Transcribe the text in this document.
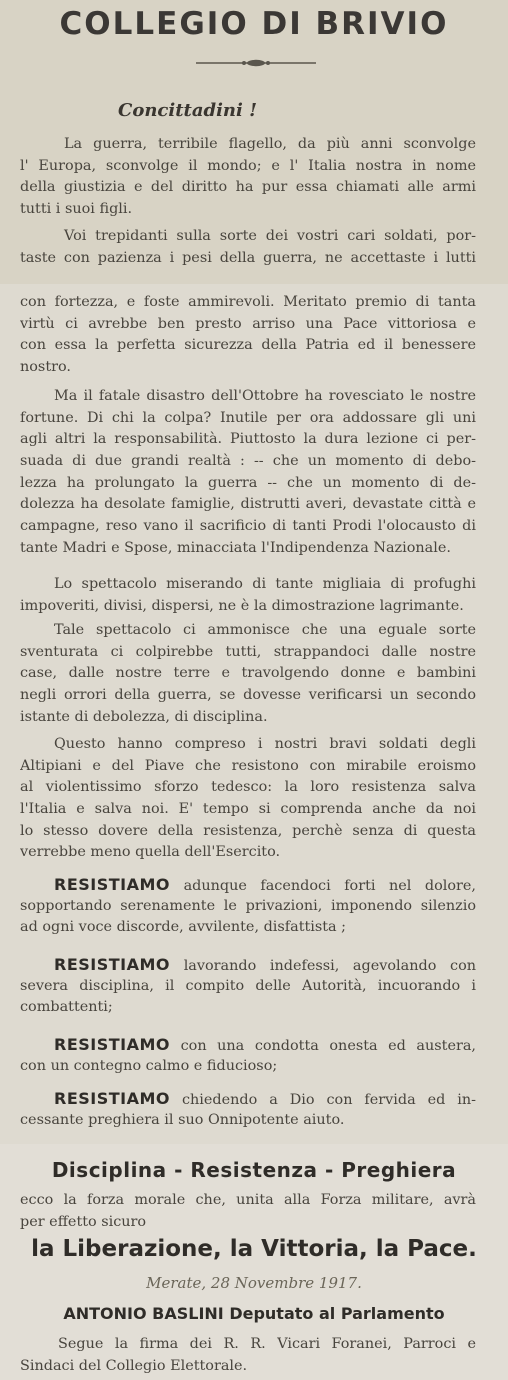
COLLEGIO DI BRIVIO
Concittadini !
La guerra, terribile flagello, da più anni sconvolge
l' Europa, sconvolge il mondo; e l' Italia nostra in nome
della giustizia e del diritto ha pur essa chiamati alle armi
tutti i suoi figli.
Voi trepidanti sulla sorte dei vostri cari soldati, por-
taste con pazienza i pesi della guerra, ne accettaste i lutti
con fortezza, e foste ammirevoli. Meritato premio di tanta
virtù ci avrebbe ben presto arriso una Pace vittoriosa e
con essa la perfetta sicurezza della Patria ed il benessere
nostro.
Ma il fatale disastro dell'Ottobre ha rovesciato le nostre
fortune. Di chi la colpa? Inutile per ora addossare gli uni
agli altri la responsabilità. Piuttosto la dura lezione ci per-
suada di due grandi realtà : -- che un momento di debo-
lezza ha prolungato la guerra -- che un momento di de-
dolezza ha desolate famiglie, distrutti averi, devastate città e
campagne, reso vano il sacrificio di tanti Prodi l'olocausto di
tante Madri e Spose, minacciata l'Indipendenza Nazionale.
Lo spettacolo miserando di tante migliaia di profughi
impoveriti, divisi, dispersi, ne è la dimostrazione lagrimante.
Tale spettacolo ci ammonisce che una eguale sorte
sventurata ci colpirebbe tutti, strappandoci dalle nostre
case, dalle nostre terre e travolgendo donne e bambini
negli orrori della guerra, se dovesse verificarsi un secondo
istante di debolezza, di disciplina.
Questo hanno compreso i nostri bravi soldati degli
Altipiani e del Piave che resistono con mirabile eroismo
al violentissimo sforzo tedesco: la loro resistenza salva
l'Italia e salva noi. E' tempo si comprenda anche da noi
lo stesso dovere della resistenza, perchè senza di questa
verrebbe meno quella dell'Esercito.
RESISTIAMO adunque facendoci forti nel dolore,
sopportando serenamente le privazioni, imponendo silenzio
ad ogni voce discorde, avvilente, disfattista ;
RESISTIAMO lavorando indefessi, agevolando con
severa disciplina, il compito delle Autorità, incuorando i
combattenti;
RESISTIAMO con una condotta onesta ed austera,
con un contegno calmo e fiducioso;
RESISTIAMO chiedendo a Dio con fervida ed in-
cessante preghiera il suo Onnipotente aiuto.
Disciplina - Resistenza - Preghiera
ecco la forza morale che, unita alla Forza militare, avrà
per effetto sicuro
la Liberazione, la Vittoria, la Pace.
Merate, 28 Novembre 1917.
ANTONIO BASLINI Deputato al Parlamento
Segue la firma dei R. R. Vicari Foranei, Parroci e
Sindaci del Collegio Elettorale.
